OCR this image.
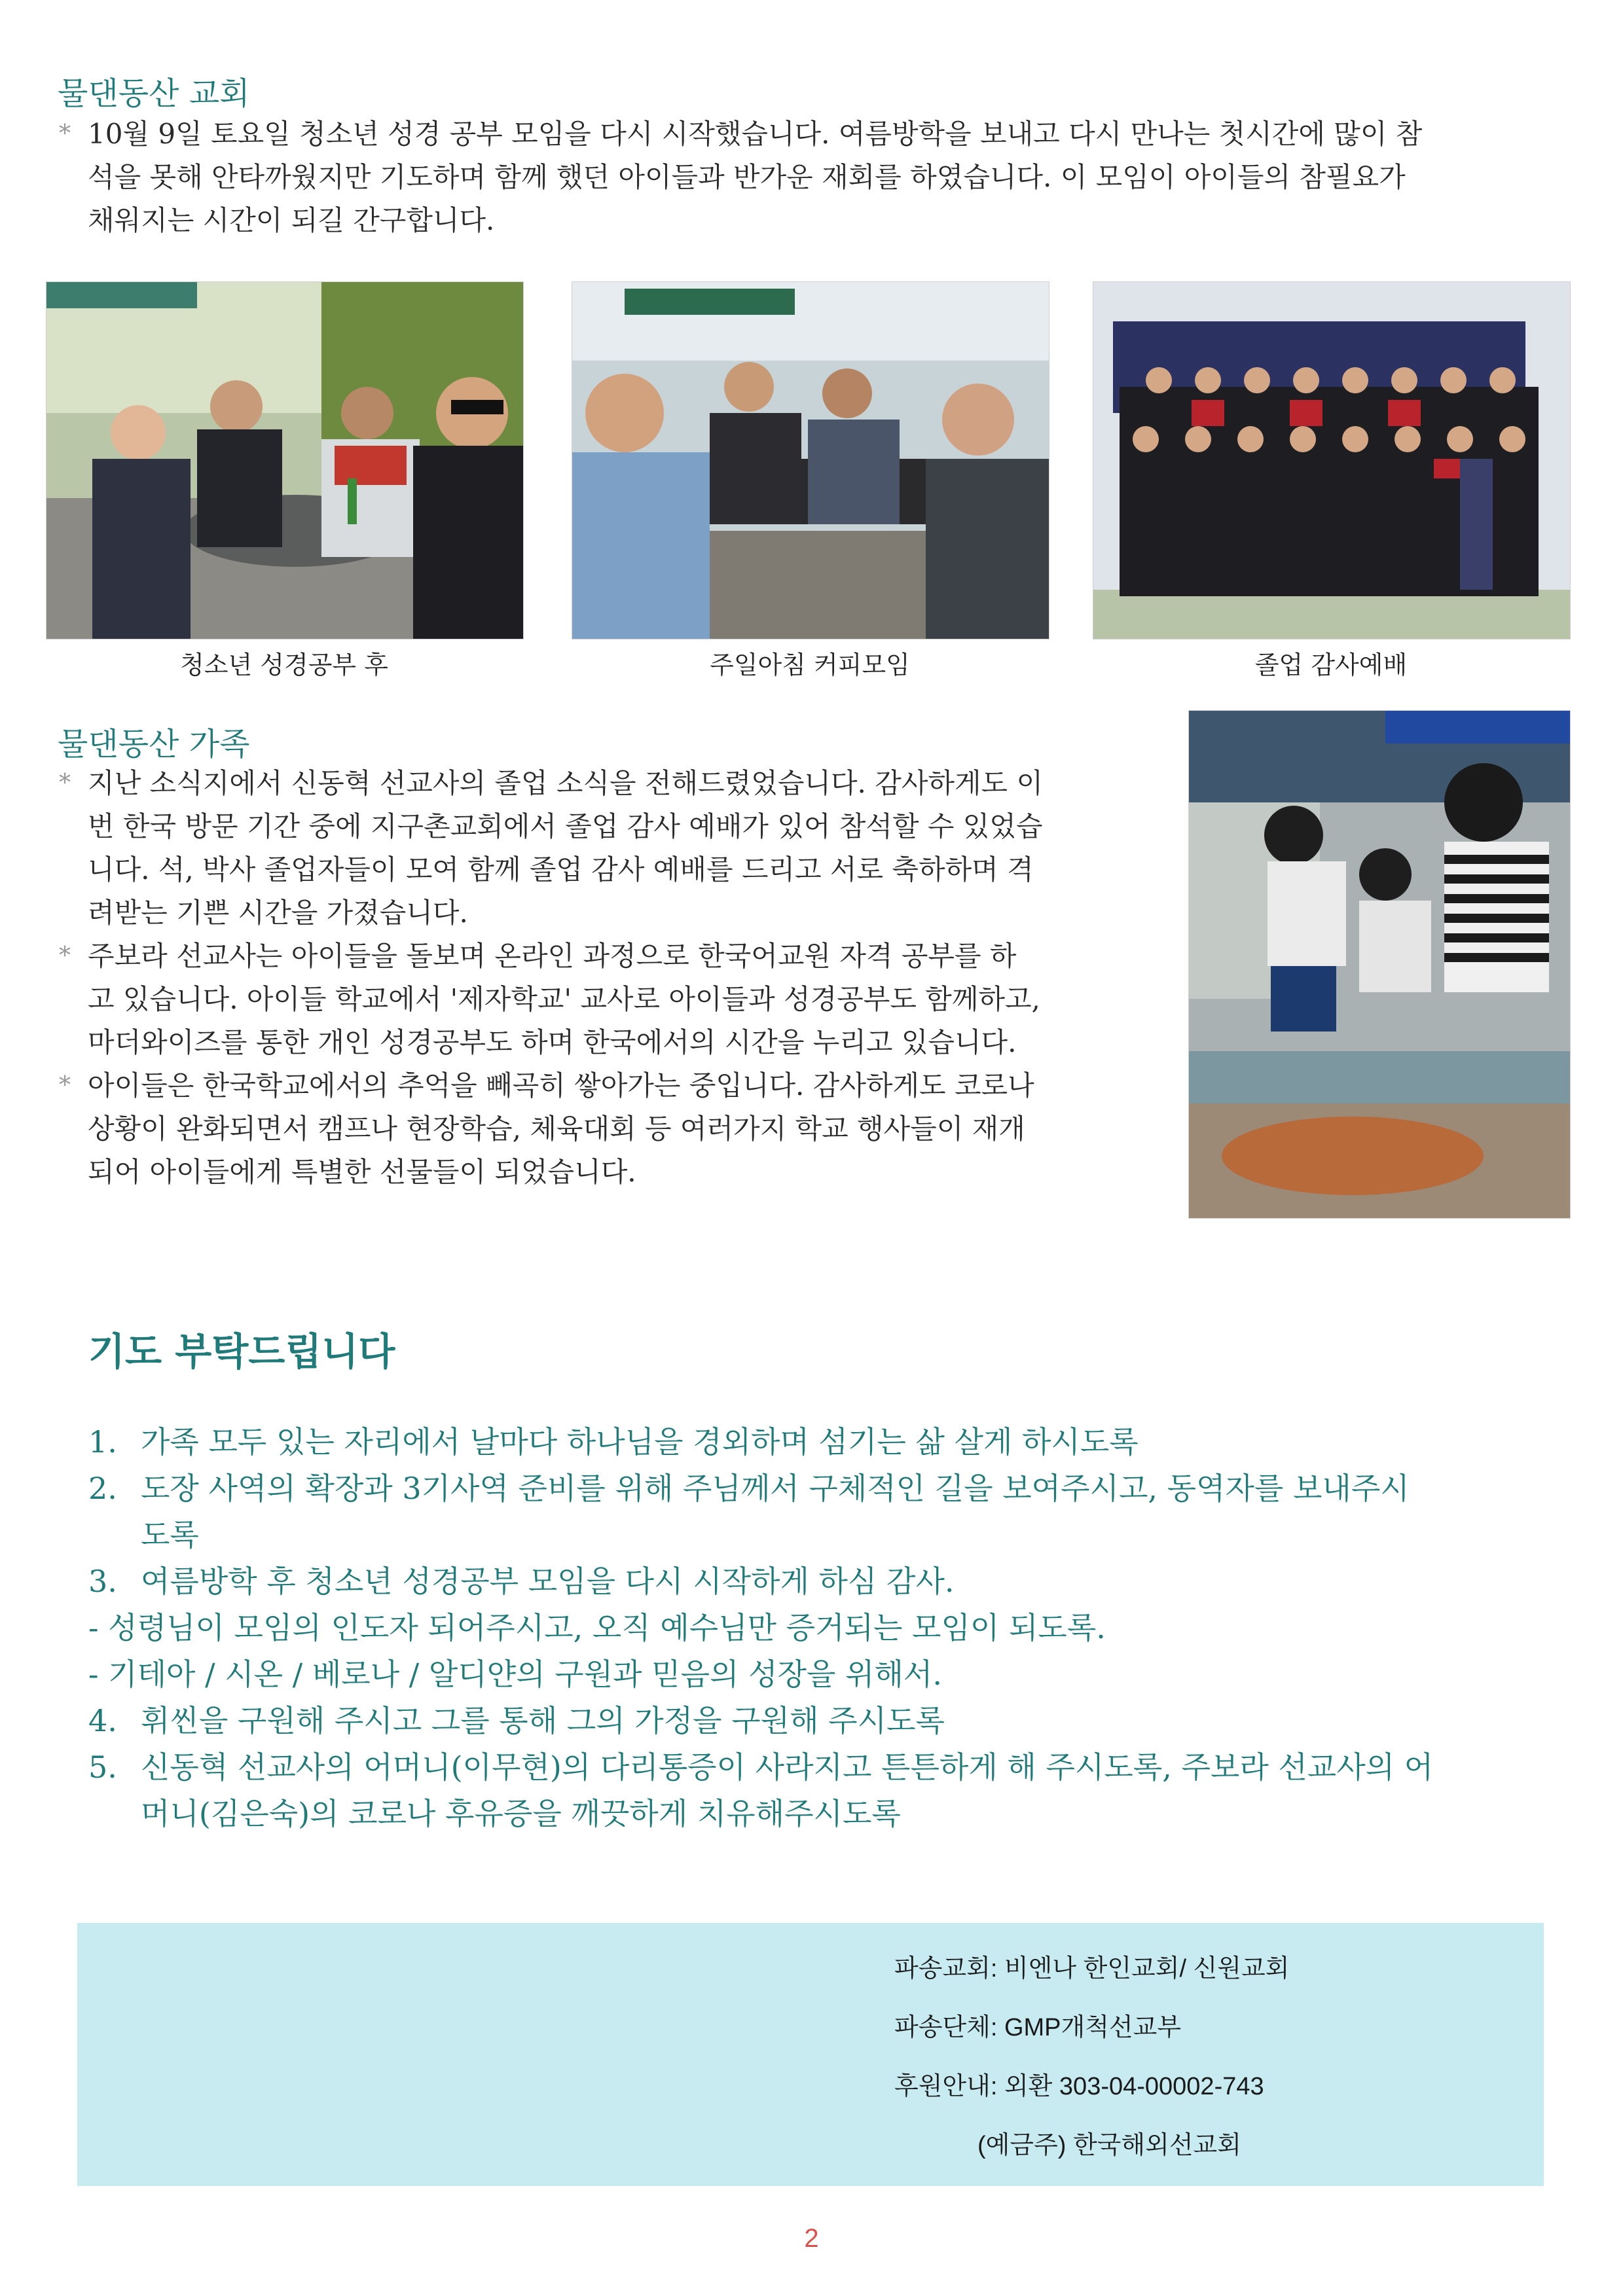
물댄동산 교회
* 10월 9일 토요일 청소년 성경 공부 모임을 다시 시작했습니다. 여름방학을 보내고 다시 만나는 첫시간에 많이 참
석을 못해 안타까웠지만 기도하며 함께 했던 아이들과 반가운 재회를 하였습니다. 이 모임이 아이들의 참필요가
채워지는 시간이 되길 간구합니다.
청소년 성경공부 후	주일아침 커피모임	졸업 감사예배
물댄동산 가족
* 지난 소식지에서 신동혁 선교사의 졸업 소식을 전해드렸었습니다. 감사하게도 이
번 한국 방문 기간 중에 지구촌교회에서 졸업 감사 예배가 있어 참석할 수 있었습
니다. 석, 박사 졸업자들이 모여 함께 졸업 감사 예배를 드리고 서로 축하하며 격
려받는 기쁜 시간을 가졌습니다.
* 주보라 선교사는 아이들을 돌보며 온라인 과정으로 한국어교원 자격 공부를 하
고 있습니다. 아이들 학교에서 '제자학교' 교사로 아이들과 성경공부도 함께하고,
마더와이즈를 통한 개인 성경공부도 하며 한국에서의 시간을 누리고 있습니다.
* 아이들은 한국학교에서의 추억을 빼곡히 쌓아가는 중입니다. 감사하게도 코로나
상황이 완화되면서 캠프나 현장학습, 체육대회 등 여러가지 학교 행사들이 재개
되어 아이들에게 특별한 선물들이 되었습니다.
기도 부탁드립니다
1. 가족 모두 있는 자리에서 날마다 하나님을 경외하며 섬기는 삶 살게 하시도록
2. 도장 사역의 확장과 3기사역 준비를 위해 주님께서 구체적인 길을 보여주시고, 동역자를 보내주시
도록
3. 여름방학 후 청소년 성경공부 모임을 다시 시작하게 하심 감사.
- 성령님이 모임의 인도자 되어주시고, 오직 예수님만 증거되는 모임이 되도록.
- 기테아 / 시온 / 베로나 / 알디얀의 구원과 믿음의 성장을 위해서.
4. 휘씬을 구원해 주시고 그를 통해 그의 가정을 구원해 주시도록
5. 신동혁 선교사의 어머니(이무현)의 다리통증이 사라지고 튼튼하게 해 주시도록, 주보라 선교사의 어
머니(김은숙)의 코로나 후유증을 깨끗하게 치유해주시도록
파송교회: 비엔나 한인교회/ 신원교회
파송단체: GMP개척선교부
후원안내: 외환 303-04-00002-743
(예금주) 한국해외선교회
2
